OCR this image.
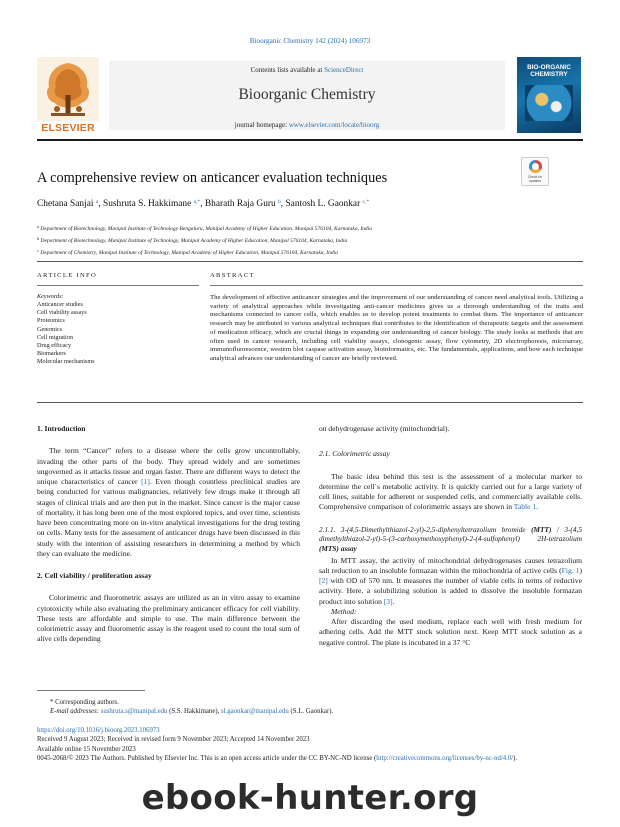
Bioorganic Chemistry 142 (2024) 106973
ELSEVIER
Contents lists available at ScienceDirect
Bioorganic Chemistry
journal homepage: www.elsevier.com/locate/bioorg
BIO-ORGANIC CHEMISTRY
A comprehensive review on anticancer evaluation techniques	Check for updates
Chetana Sanjai $^a$, Sushruta S. Hakkimane $^{a,*}$, Bharath Raja Guru $^b$, Santosh L. Gaonkar $^{c,*}$
$^a$ Department of Biotechnology, Manipal Institute of Technology Bengaluru, Manipal Academy of Higher Education, Manipal 576104, Karnataka, India
$^b$ Department of Biotechnology, Manipal Institute of Technology, Manipal Academy of Higher Education, Manipal 576104, Karnataka, India
$^c$ Department of Chemistry, Manipal Institute of Technology, Manipal Academy of Higher Education, Manipal 576104, Karnataka, India
ARTICLE INFO	ABSTRACT
Keywords:
Anticancer studies
Cell viability assays
Proteomics
Genomics
Cell migration
Drug efficacy
Biomarkers
Molecular mechanisms
The development of effective anticancer strategies and the improvement of our understanding of cancer need analytical tools. Utilizing a variety of analytical approaches while investigating anti-cancer medicines gives us a thorough understanding of the traits and mechanisms connected to cancer cells, which enables us to develop potent treatments to combat them. The importance of anticancer research may be attributed to various analytical techniques that contributes to the identification of therapeutic targets and the assessment of medication efficacy, which are crucial things in expanding our understanding of cancer biology. The study looks at methods that are often used in cancer research, including cell viability assays, clonogenic assay, flow cytometry, 2D electrophoresis, microarray, immunofluorescence, western blot caspase activation assay, bioinformatics, etc. The fundamentals, applications, and how each technique analytical advances our understanding of cancer are briefly reviewed.
1. Introduction

The term “Cancer” refers to a disease where the cells grow uncontrollably, invading the other parts of the body. They spread widely and are sometimes ungoverned as it attacks tissue and organ faster. There are different ways to detect the unique characteristics of cancer [1]. Even though countless preclinical studies are being conducted for various malignancies, relatively few drugs make it through all stages of clinical trials and are then put in the market. Since cancer is the major cause of mortality, it has long been one of the most explored topics, and over time, scientists have been concentrating more on in-vitro analytical investigations for the drug testing on cells. Many tests for the assessment of anticancer drugs have been discussed in this study with the intention of assisting researchers in determining a method by which they can evaluate the medicine.

2. Cell viability / proliferation assay

Colorimetric and fluorometric assays are utilized as an in vitro assay to examine cytotoxicity while also evaluating the preliminary anticancer efficacy for cell viability. These tests are affordable and simple to use. The main difference between the colorimetric assay and fluorometric assay is the reagent used to count the total sum of alive cells depending

on dehydrogenase activity (mitochondrial).

2.1. Colorimetric assay

The basic idea behind this test is the assessment of a molecular marker to determine the cell`s metabolic activity. It is quickly carried out for a large variety of cell lines, suitable for adherent or suspended cells, and commercially available cells. Comprehensive comparison of colorimetric assays are shown in Table 1.

2.1.1. 3-(4,5-Dimethylthiazol-2-yl)-2,5-diphenyltetrazolium bromide (MTT) / 3-(4,5 dimethylthiazol-2-yl)-5-(3-carboxymethoxyphenyl)-2-(4-sulfophenyl) 2H-tetrazolium (MTS) assay

In MTT assay, the activity of mitochondrial dehydrogenases causes tetrazolium salt reduction to an insoluble formazan within the mitochondria of active cells (Fig. 1) [2] with OD of 570 nm. It measures the number of viable cells in terms of reductive activity. Here, a solubilizing solution is added to dissolve the insoluble formazan product into solution [3].

Method:

After discarding the used medium, replace each well with fresh medium for adhering cells. Add the MTT stock solution next. Keep MTT stock solution as a negative control. The plate is incubated in a 37 °C

* Corresponding authors.
E-mail addresses: sushruta.s@manipal.edu (S.S. Hakkimane), sl.gaonkar@manipal.edu (S.L. Gaonkar).
https://doi.org/10.1016/j.bioorg.2023.106973
Received 9 August 2023; Received in revised form 9 November 2023; Accepted 14 November 2023
Available online 15 November 2023
0045-2068/© 2023 The Authors. Published by Elsevier Inc. This is an open access article under the CC BY-NC-ND license (http://creativecommons.org/licenses/by-nc-nd/4.0/).
ebook-hunter.org
